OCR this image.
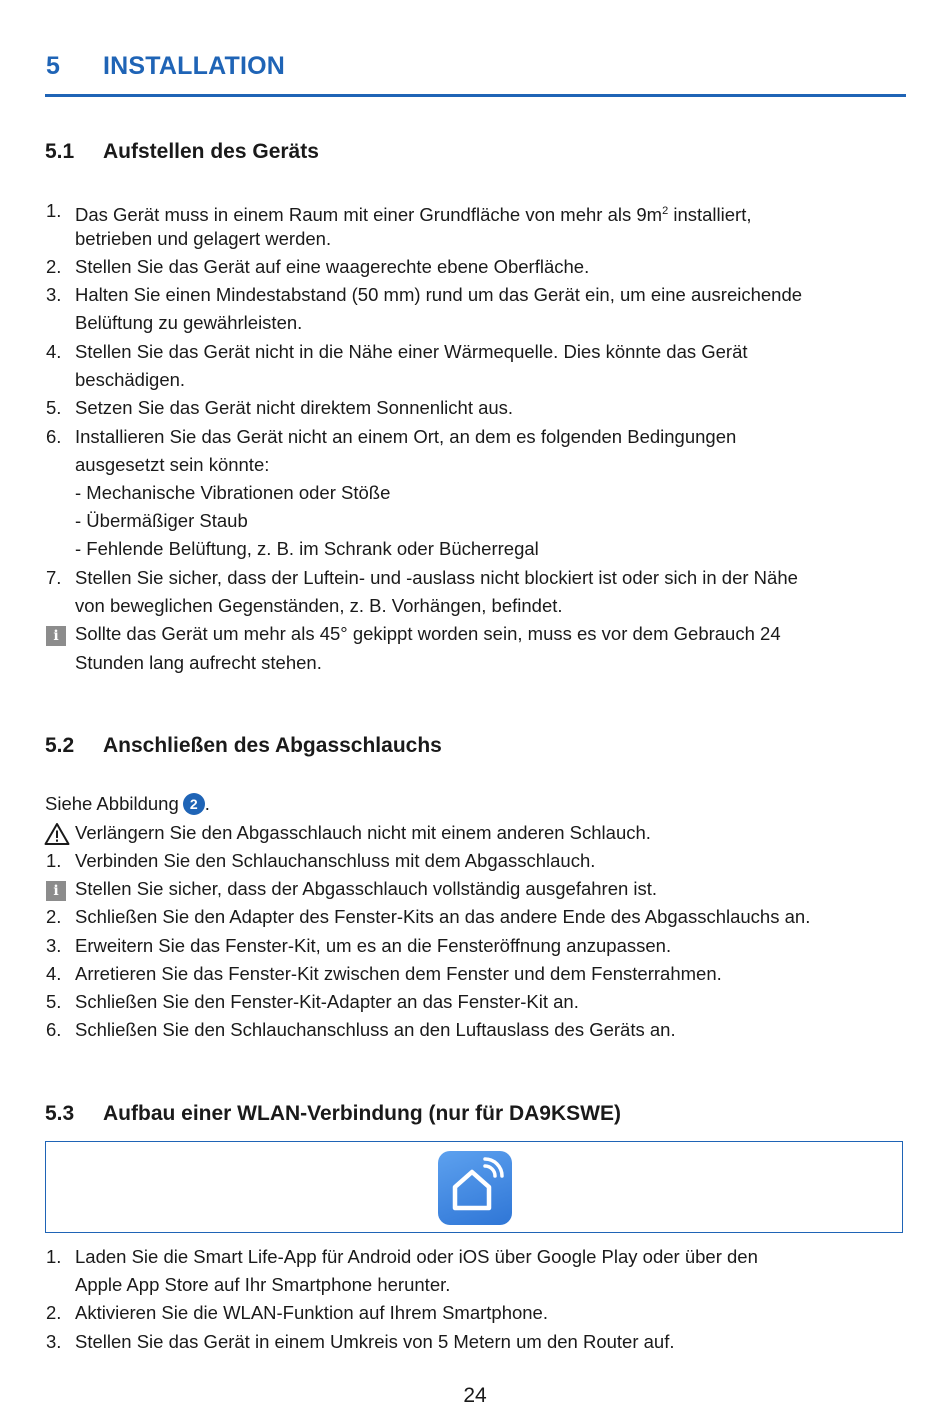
5 INSTALLATION
5.1 Aufstellen des Geräts
1. Das Gerät muss in einem Raum mit einer Grundfläche von mehr als $9m^2$ installiert,
betrieben und gelagert werden.
2. Stellen Sie das Gerät auf eine waagerechte ebene Oberfläche.
3. Halten Sie einen Mindestabstand (50 mm) rund um das Gerät ein, um eine ausreichende
Belüftung zu gewährleisten.
4. Stellen Sie das Gerät nicht in die Nähe einer Wärmequelle. Dies könnte das Gerät
beschädigen.
5. Setzen Sie das Gerät nicht direktem Sonnenlicht aus.
6. Installieren Sie das Gerät nicht an einem Ort, an dem es folgenden Bedingungen
ausgesetzt sein könnte:
- Mechanische Vibrationen oder Stöße
- Übermäßiger Staub
- Fehlende Belüftung, z. B. im Schrank oder Bücherregal
7. Stellen Sie sicher, dass der Luftein- und -auslass nicht blockiert ist oder sich in der Nähe
von beweglichen Gegenständen, z. B. Vorhängen, befindet.
i Sollte das Gerät um mehr als 45° gekippt worden sein, muss es vor dem Gebrauch 24
Stunden lang aufrecht stehen.
5.2 Anschließen des Abgasschlauchs
Siehe Abbildung 2 .
Verlängern Sie den Abgasschlauch nicht mit einem anderen Schlauch.
1. Verbinden Sie den Schlauchanschluss mit dem Abgasschlauch.
i Stellen Sie sicher, dass der Abgasschlauch vollständig ausgefahren ist.
2. Schließen Sie den Adapter des Fenster-Kits an das andere Ende des Abgasschlauchs an.
3. Erweitern Sie das Fenster-Kit, um es an die Fensteröffnung anzupassen.
4. Arretieren Sie das Fenster-Kit zwischen dem Fenster und dem Fensterrahmen.
5. Schließen Sie den Fenster-Kit-Adapter an das Fenster-Kit an.
6. Schließen Sie den Schlauchanschluss an den Luftauslass des Geräts an.
5.3 Aufbau einer WLAN-Verbindung (nur für DA9KSWE)
1. Laden Sie die Smart Life-App für Android oder iOS über Google Play oder über den
Apple App Store auf Ihr Smartphone herunter.
2. Aktivieren Sie die WLAN-Funktion auf Ihrem Smartphone.
3. Stellen Sie das Gerät in einem Umkreis von 5 Metern um den Router auf.
24
